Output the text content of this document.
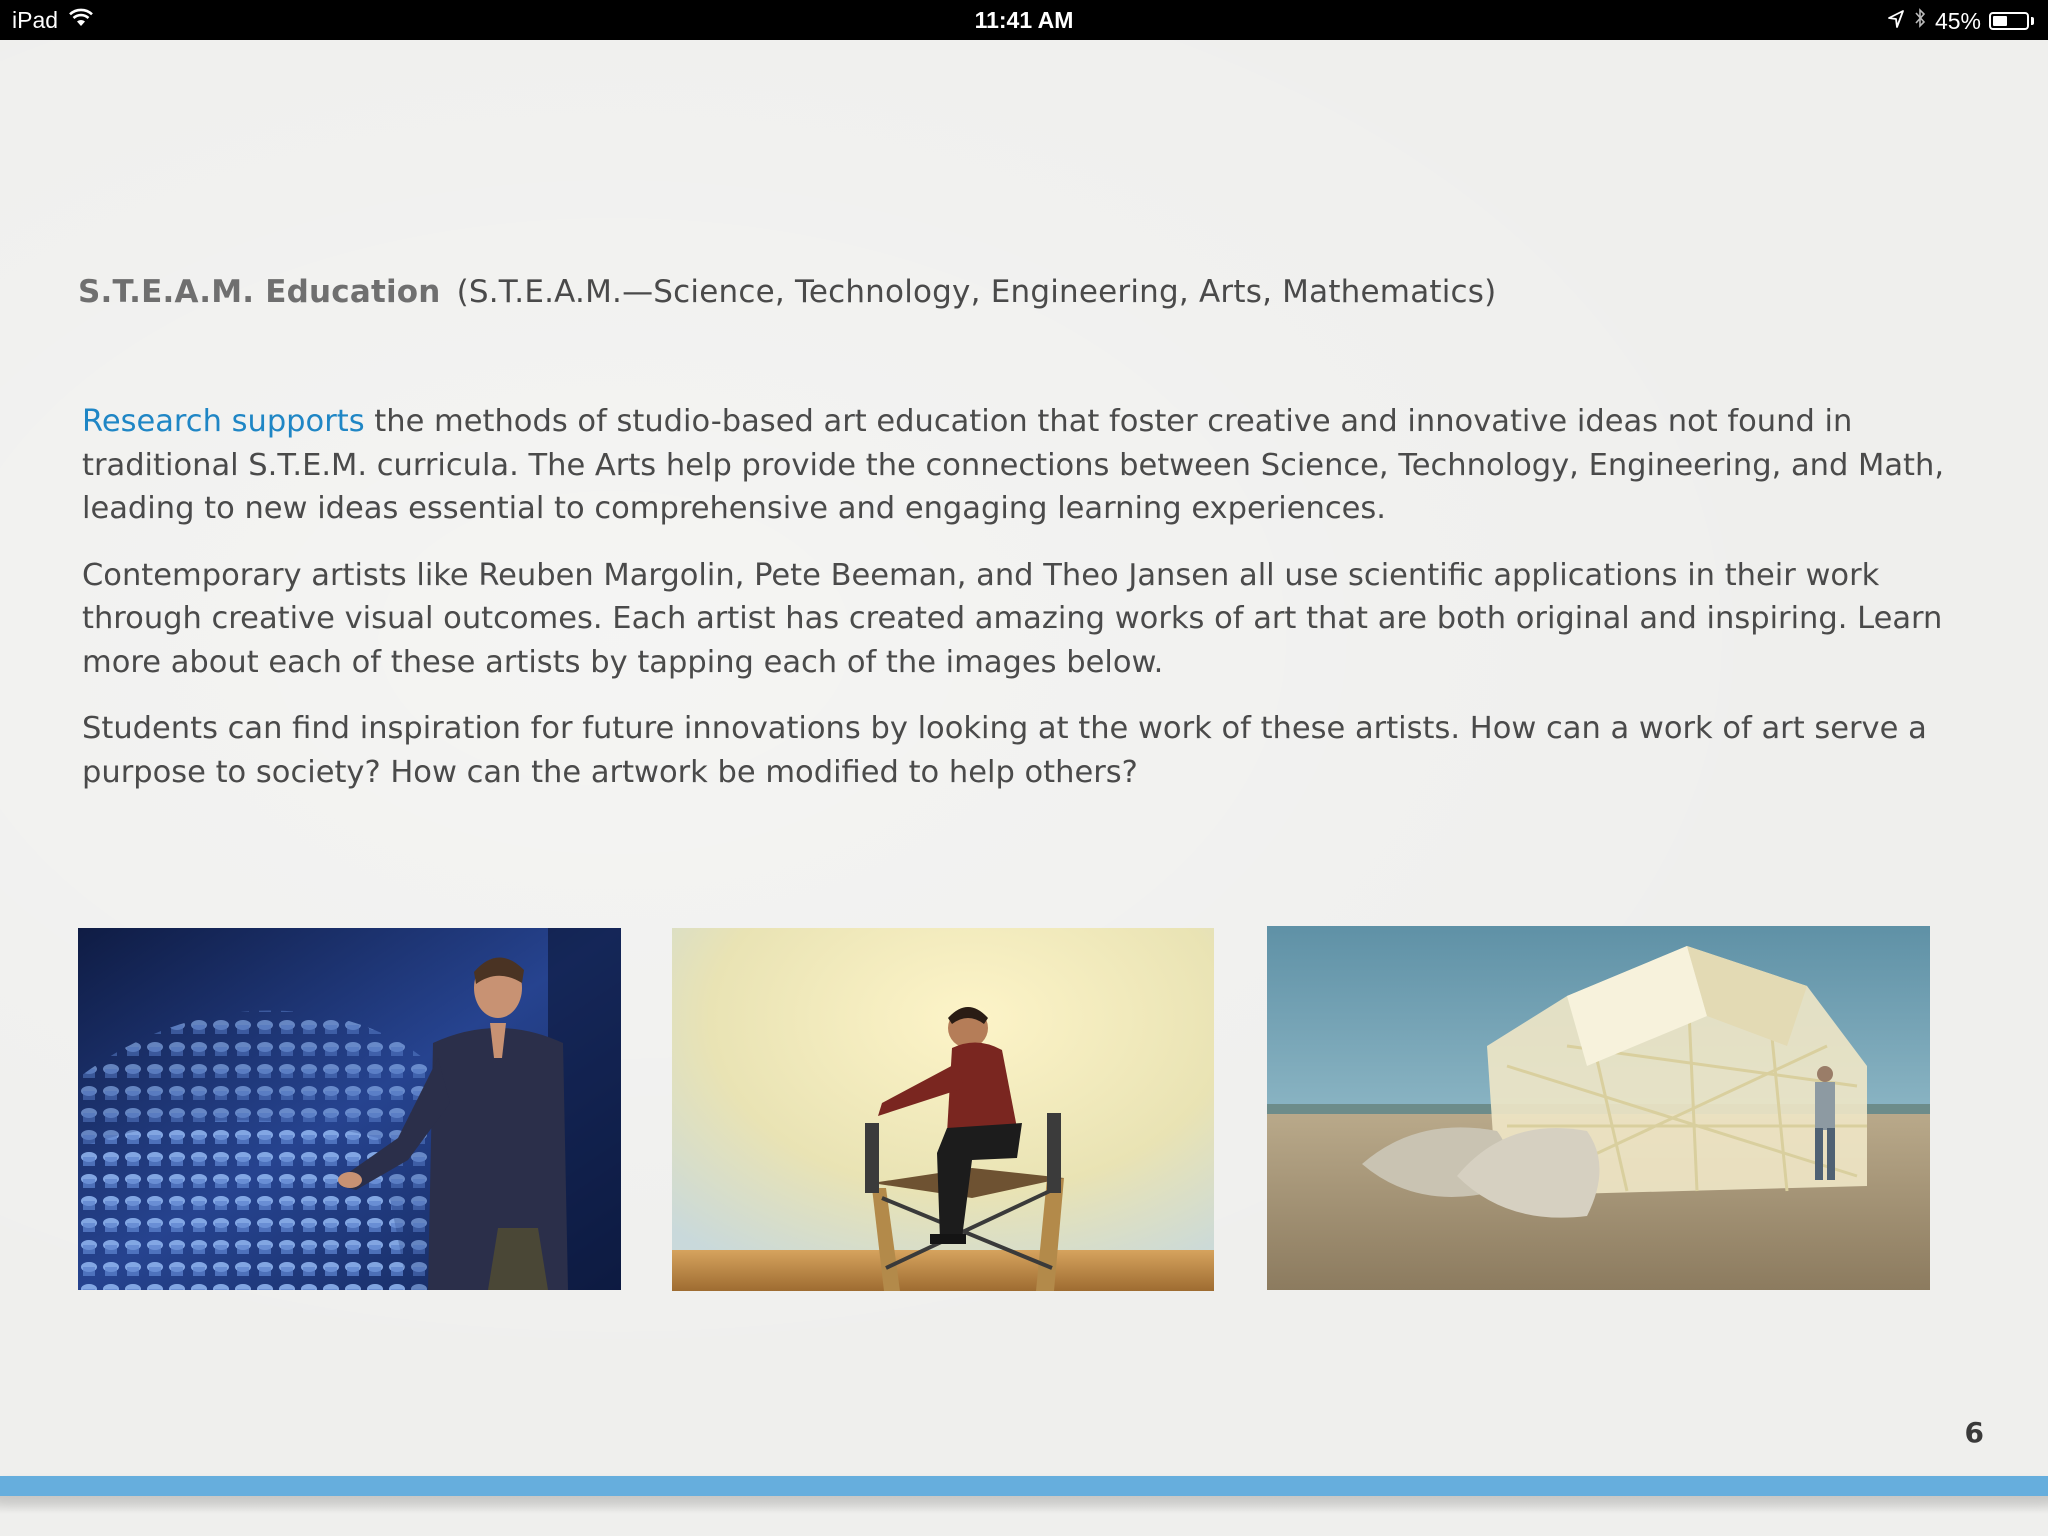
iPad	11:41 AM	45%
S.T.E.A.M. Education (S.T.E.A.M.—Science, Technology, Engineering, Arts, Mathematics)

Research supports the methods of studio-based art education that foster creative and innovative ideas not found in traditional S.T.E.M. curricula. The Arts help provide the connections between Science, Technology, Engineering, and Math, leading to new ideas essential to comprehensive and engaging learning experiences.

Contemporary artists like Reuben Margolin, Pete Beeman, and Theo Jansen all use scientific applications in their work through creative visual outcomes. Each artist has created amazing works of art that are both original and inspiring. Learn more about each of these artists by tapping each of the images below.

Students can find inspiration for future innovations by looking at the work of these artists. How can a work of art serve a purpose to society? How can the artwork be modified to help others?

6
